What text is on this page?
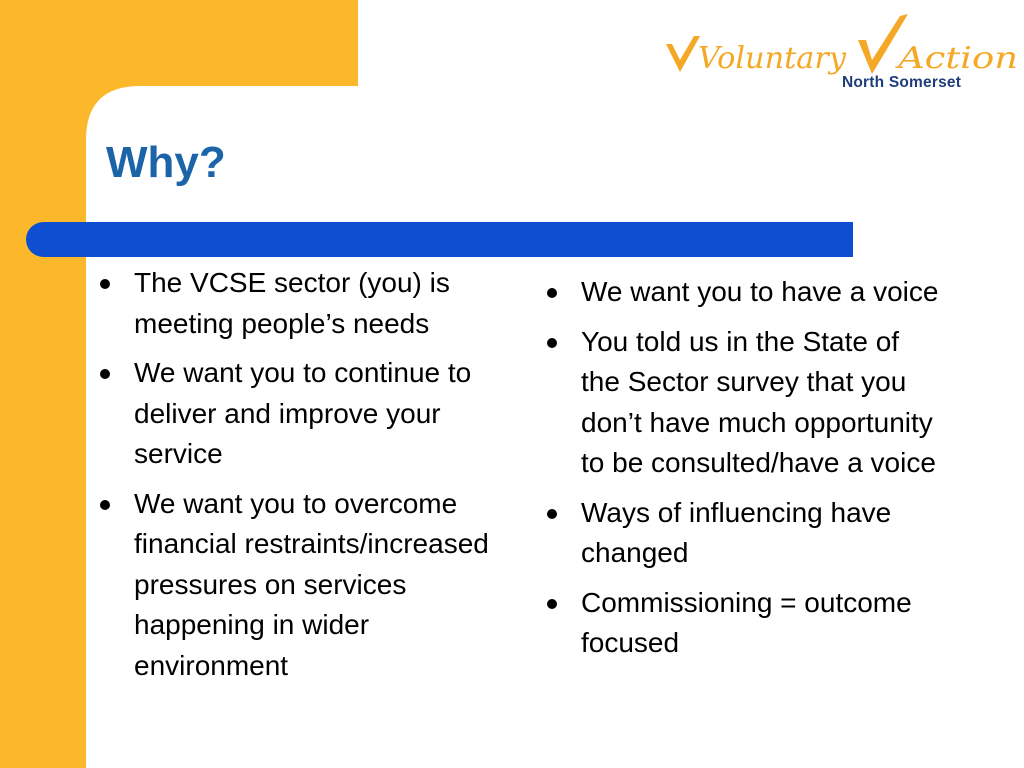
Voluntary Action
North Somerset
Why?
The VCSE sector (you) is meeting people’s needs
We want you to continue to deliver and improve your service
We want you to overcome financial restraints/increased pressures on services happening in wider environment
We want you to have a voice
You told us in the State of the Sector survey that you don’t have much opportunity to be consulted/have a voice
Ways of influencing have changed
Commissioning = outcome focused
